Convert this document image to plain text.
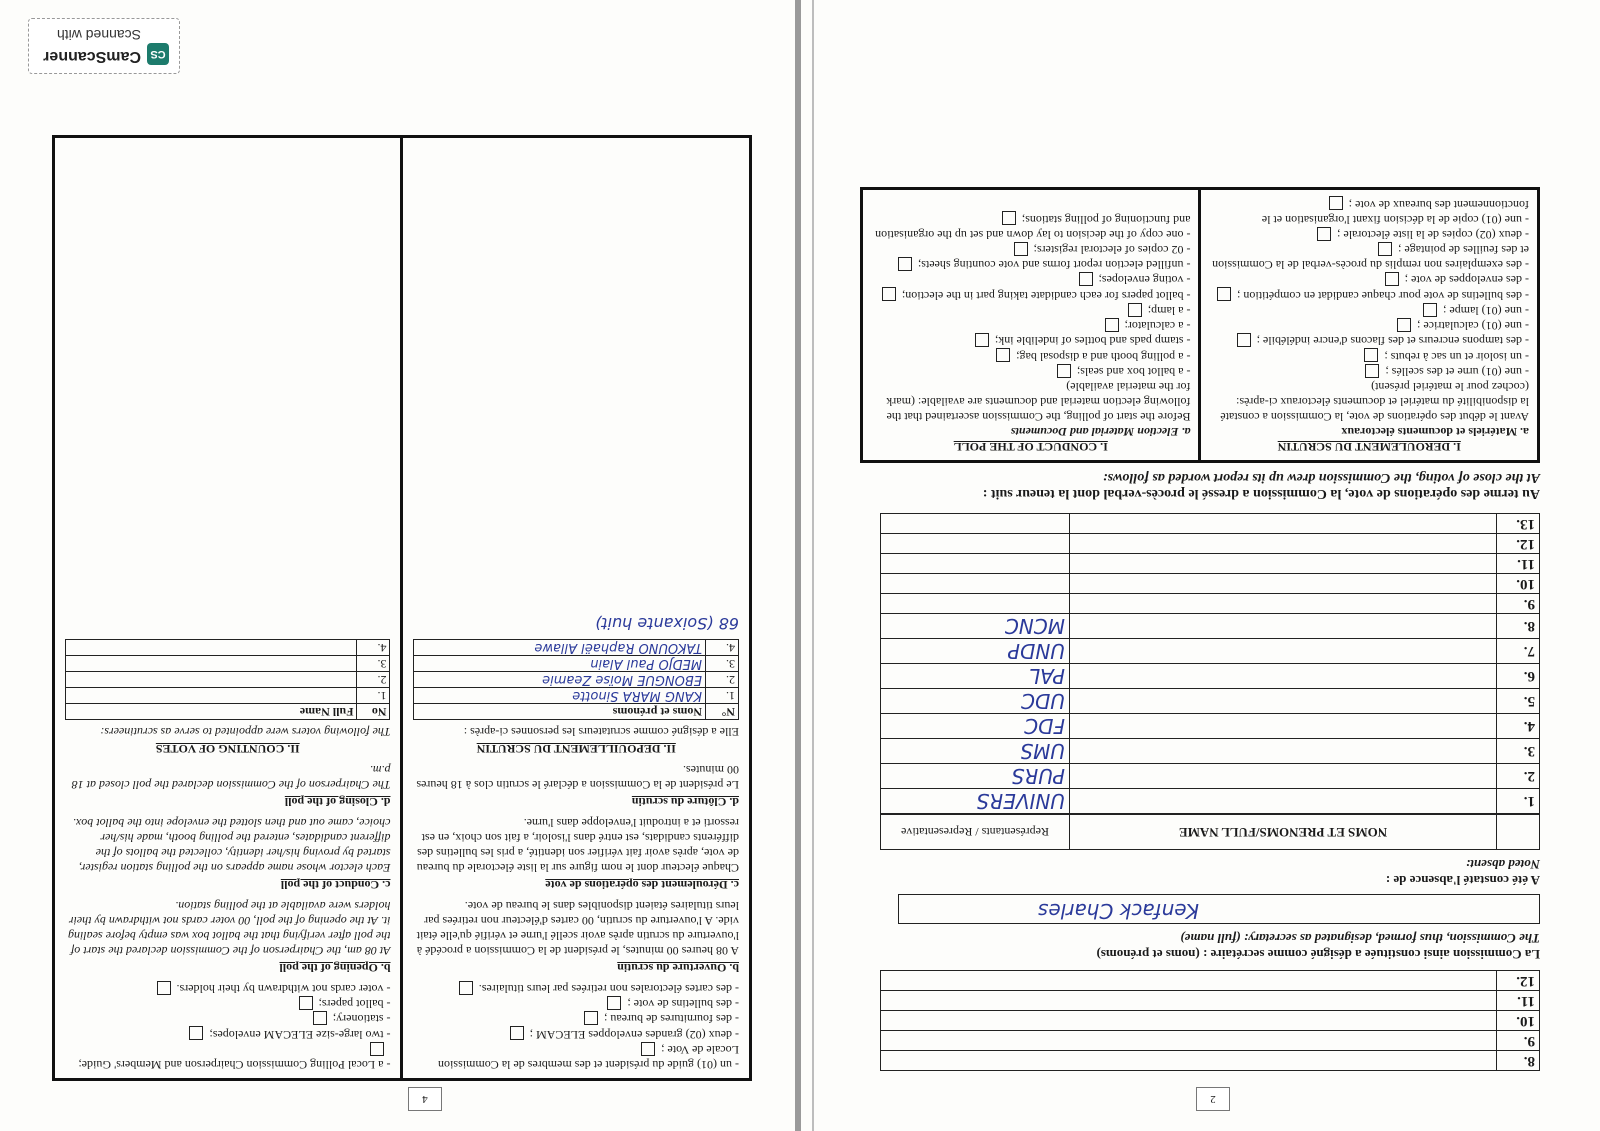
2
8.	
9.	
10.	
11.	
12.	
La Commission ainsi constituée a désigné comme secrétaire : (noms et prénoms)
The Commission, thus formed, designated as secretary: (full name)
Kenfack Charles
A été constaté l'absence de :
Noted absent:
	NOMS ET PRENOMS/FULL NAME	Représentants / Representative
1.		UNIVERS
2.		PURS
3.		UMS
4.		FDC
5.		UDC
6.		PAL
7.		UNDP
8.		MCNC
9.		
10.		
11.		
12.		
13.		
Au terme des opérations de vote, la Commission a dressé le procès-verbal dont la teneur suit :
At the close of voting, the Commission drew up its report worded as follows:
I. DEROULEMENT DU SCRUTIN
a. Matériels et documents électoraux
Avant le début des opérations de vote, la Commission a constaté la disponibilité du matériel et documents électoraux ci-après: (cochez pour le matériel présent)
- une (01) urne et des scellés ;
- un isoloir et un sac à rebuts ;
- des tampons encreurs et des flacons d'encre indélébile ;
- une (01) calculatrice ;
- une (01) lampe ;
- des bulletins de vote pour chaque candidat en compétition ;
- des enveloppes de vote ;
- des exemplaires non remplis du procès-verbal de la Commission et des feuilles de pointage ;
- deux (02) copies de la liste électorale ;
- une (01) copie de la décision fixant l'organisation et le fonctionnement des bureaux de vote ;
I. CONDUCT OF THE POLL
a. Election Material and Documents
Before the start of polling, the Commission ascertained that the following election material and documents are available: (mark for the material available)
- a ballot box and seals;
- a polling booth and a disposal bag;
- stamp pads and bottles of indelible ink;
- a calculator;
- a lamp;
- ballot papers for each candidate taking part in the election;
- voting envelopes;
- unfilled election report forms and vote counting sheets;
- 02 copies of electoral registers;
- one copy of the decision to lay down and set up the organisation and functioning of polling stations;
4
- un (01) guide du président et des membres de la Commission Locale de Vote ;
- deux (02) grandes enveloppes ELECAM ;
- des fournitures de bureau ;
- des bulletins de vote ;
- des cartes électorales non retirées par leurs titulaires.
b. Ouverture du scrutin
A 08 heures 00 minutes, le président de la Commission a procédé à l'ouverture du scrutin après avoir scellé l'urne et vérifié qu'elle était vide. A l'ouverture du scrutin, 00 cartes d'électeur non retirées par leurs titulaires étaient disponibles dans le bureau de vote.
c. Déroulement des opérations de vote
Chaque électeur dont le nom figure sur la liste électorale du bureau de vote, après avoir fait vérifier son identité, a pris les bulletins des différents candidats, est entré dans l'isoloir, a fait son choix, en est ressorti et a introduit l'enveloppe dans l'urne.
d. Clôture du scrutin
Le président de la Commission a déclaré le scrutin clos à 18 heures 00 minutes.
II. DEPOUILLEMENT DU SCRUTIN
Elle a désigné comme scrutateurs les personnes ci-après :
N°	Noms et prénoms
1.	KANG MARA Sinotte
2.	EBONGUE Moïse Zeamie
3.	MEDJO Paul Alain
4.	TAKOUNO Raphaël Allawe
68 (Soixante huit)
- a Local Polling Commission Chairperson and Members' Guide;
- two large-size ELECAM envelopes;
- stationery;
- ballot papers;
- voter cards not withdrawn by their holders.
b. Opening of the poll
At 08 am, the Chairperson of the Commission declared the start of the poll after verifying that the ballot box was empty before sealing it. At the opening of the poll, 00 voter cards not withdrawn by their holders were available at the polling station.
c. Conduct of the poll
Each elector whose name appears on the polling station register, started by proving his/her identity, collected the ballots of the different candidates, entered the polling booth, made his/her choice, came out and then slotted the envelope into the ballot box.
d. Closing of the poll
The Chairperson of the Commission declared the poll closed at 18 p.m.
II. COUNTING OF VOTES
The following voters were appointed to serve as scrutineers:
No	Full Name
1.	
2.	
3.	
4.	
CS
Scanned with
CamScanner
